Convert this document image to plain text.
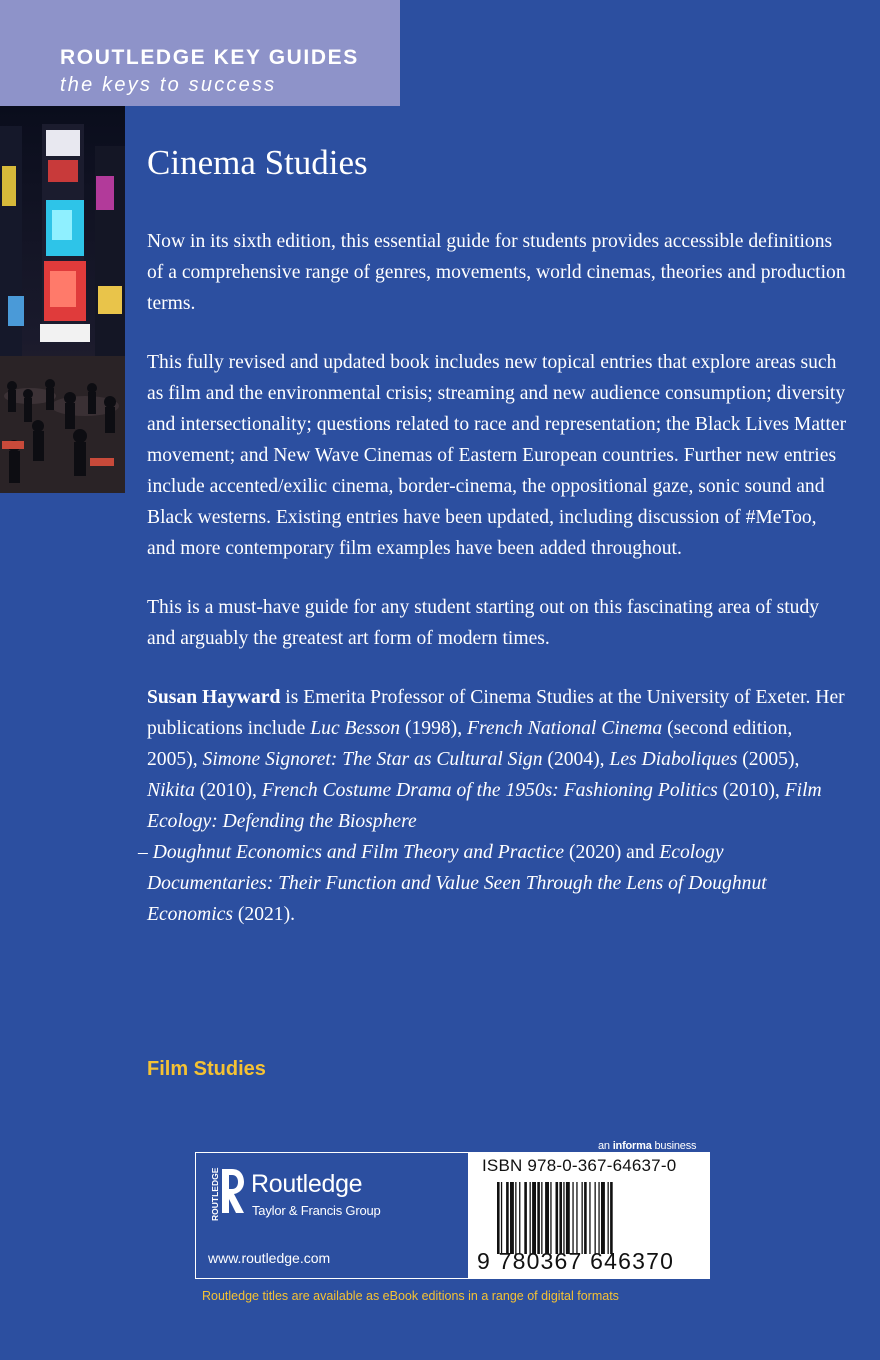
ROUTLEDGE KEY GUIDES
the keys to success
Cinema Studies

Now in its sixth edition, this essential guide for students provides accessible definitions of a comprehensive range of genres, movements, world cinemas, theories and production terms.

This fully revised and updated book includes new topical entries that explore areas such as film and the environmental crisis; streaming and new audience consumption; diversity and intersectionality; questions related to race and representation; the Black Lives Matter movement; and New Wave Cinemas of Eastern European countries. Further new entries include accented/exilic cinema, border-cinema, the oppositional gaze, sonic sound and Black westerns. Existing entries have been updated, including discussion of #MeToo, and more contemporary film examples have been added throughout.

This is a must-have guide for any student starting out on this fascinating area of study and arguably the greatest art form of modern times.

Susan Hayward is Emerita Professor of Cinema Studies at the University of Exeter. Her publications include Luc Besson (1998), French National Cinema (second edition, 2005), Simone Signoret: The Star as Cultural Sign (2004), Les Diaboliques (2005), Nikita (2010), French Costume Drama of the 1950s: Fashioning Politics (2010), Film Ecology: Defending the Biosphere
– Doughnut Economics and Film Theory and Practice (2020) and Ecology Documentaries: Their Function and Value Seen Through the Lens of Doughnut Economics (2021).

Film Studies
an informa business
ROUTLEDGE Routledge
Taylor & Francis Group
www.routledge.com
ISBN 978-0-367-64637-0
9 780367 646370
Routledge titles are available as eBook editions in a range of digital formats
